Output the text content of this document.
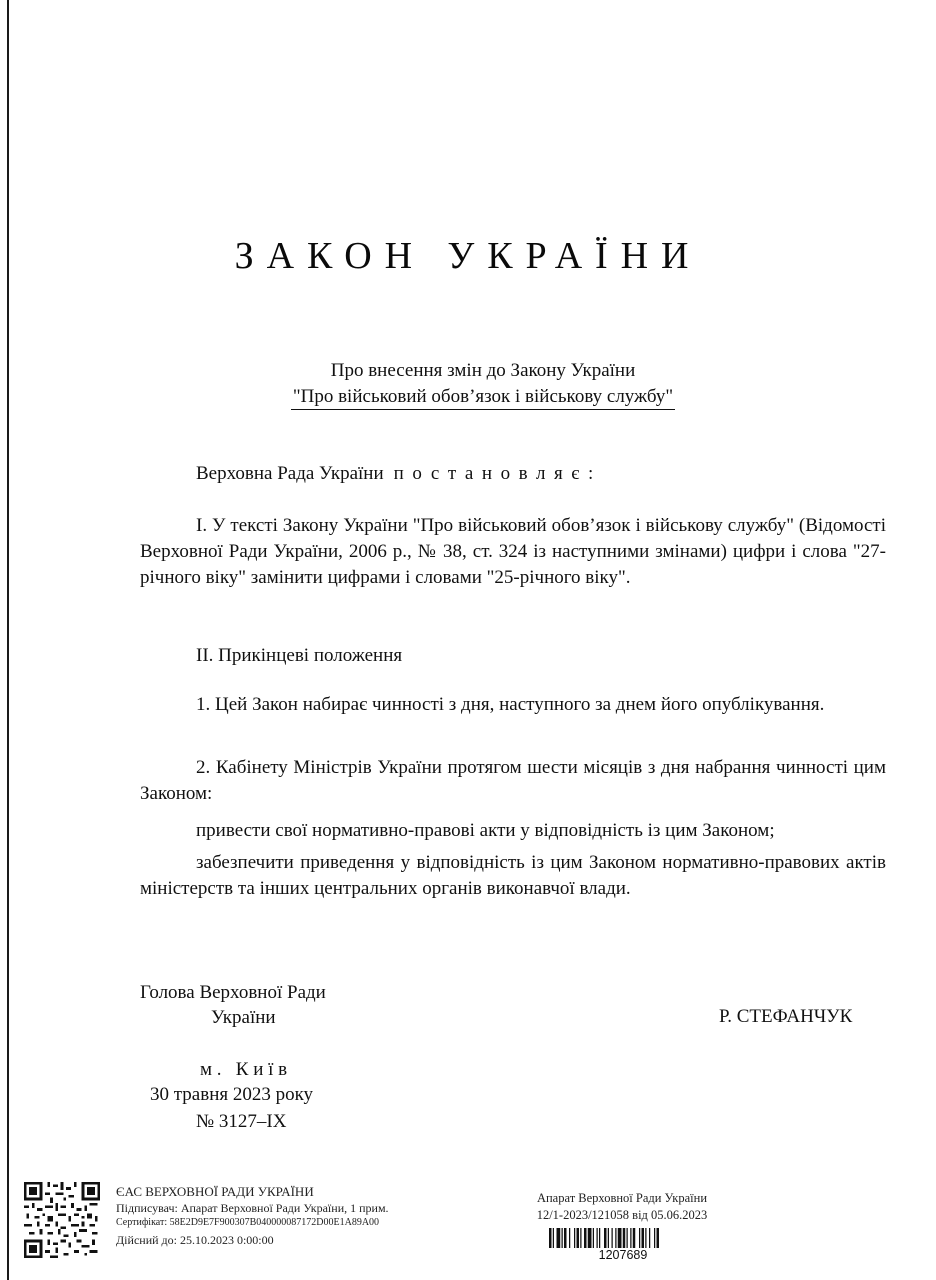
ЗАКОН УКРАЇНИ
Про внесення змін до Закону України
"Про військовий обов’язок і військову службу"
Верховна Рада України постановляє:
I. У тексті Закону України "Про військовий обов’язок і військову службу" (Відомості Верховної Ради України, 2006 р., № 38, ст. 324 із наступними змінами) цифри і слова "27-річного віку" замінити цифрами і словами "25-річного віку".
II. Прикінцеві положення
1. Цей Закон набирає чинності з дня, наступного за днем його опублікування.
2. Кабінету Міністрів України протягом шести місяців з дня набрання чинності цим Законом:
привести свої нормативно-правові акти у відповідність із цим Законом;
забезпечити приведення у відповідність із цим Законом нормативно-правових актів міністерств та інших центральних органів виконавчої влади.
Голова Верховної Ради
України	Р. СТЕФАНЧУК
м. Київ
30 травня 2023 року
№ 3127–IX
ЄАС ВЕРХОВНОЇ РАДИ УКРАЇНИ
Підписувач: Апарат Верховної Ради України, 1 прим.
Сертифікат: 58E2D9E7F900307B040000087172D00E1A89A00
Дійсний до: 25.10.2023 0:00:00
Апарат Верховної Ради України
12/1-2023/121058 від 05.06.2023
1207689
